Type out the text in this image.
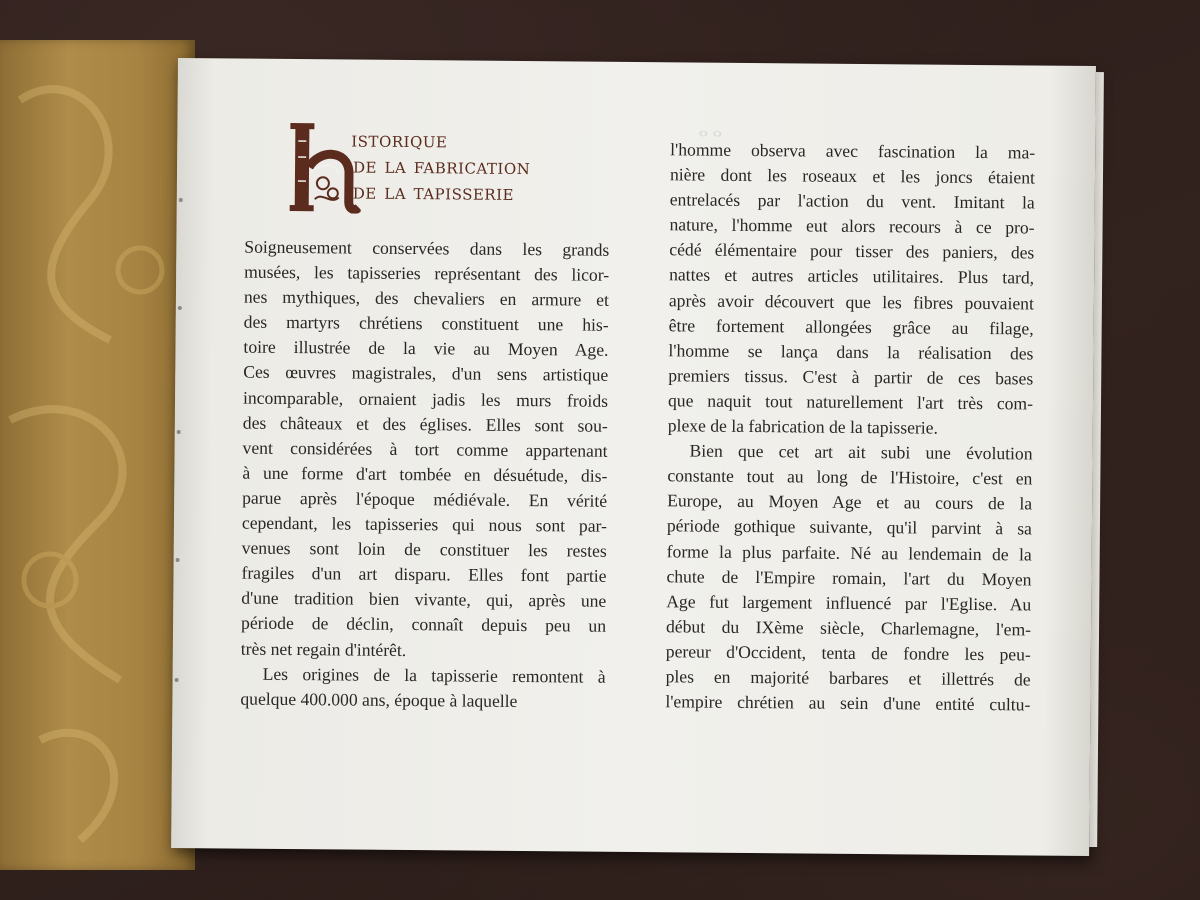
istorique
de la fabrication
de la tapisserie

Soigneusement conservées dans les grands

musées, les tapisseries représentant des licor-

nes mythiques, des chevaliers en armure et

des martyrs chrétiens constituent une his-

toire illustrée de la vie au Moyen Age.

Ces œuvres magistrales, d'un sens artistique

incomparable, ornaient jadis les murs froids

des châteaux et des églises. Elles sont sou-

vent considérées à tort comme appartenant

à une forme d'art tombée en désuétude, dis-

parue après l'époque médiévale. En vérité

cependant, les tapisseries qui nous sont par-

venues sont loin de constituer les restes

fragiles d'un art disparu. Elles font partie

d'une tradition bien vivante, qui, après une

période de déclin, connaît depuis peu un

très net regain d'intérêt.

Les origines de la tapisserie remontent à

quelque 400.000 ans, époque à laquelle

l'homme observa avec fascination la ma-

nière dont les roseaux et les joncs étaient

entrelacés par l'action du vent. Imitant la

nature, l'homme eut alors recours à ce pro-

cédé élémentaire pour tisser des paniers, des

nattes et autres articles utilitaires. Plus tard,

après avoir découvert que les fibres pouvaient

être fortement allongées grâce au filage,

l'homme se lança dans la réalisation des

premiers tissus. C'est à partir de ces bases

que naquit tout naturellement l'art très com-

plexe de la fabrication de la tapisserie.

Bien que cet art ait subi une évolution

constante tout au long de l'Histoire, c'est en

Europe, au Moyen Age et au cours de la

période gothique suivante, qu'il parvint à sa

forme la plus parfaite. Né au lendemain de la

chute de l'Empire romain, l'art du Moyen

Age fut largement influencé par l'Eglise. Au

début du IXème siècle, Charlemagne, l'em-

pereur d'Occident, tenta de fondre les peu-

ples en majorité barbares et illettrés de

l'empire chrétien au sein d'une entité cultu-
